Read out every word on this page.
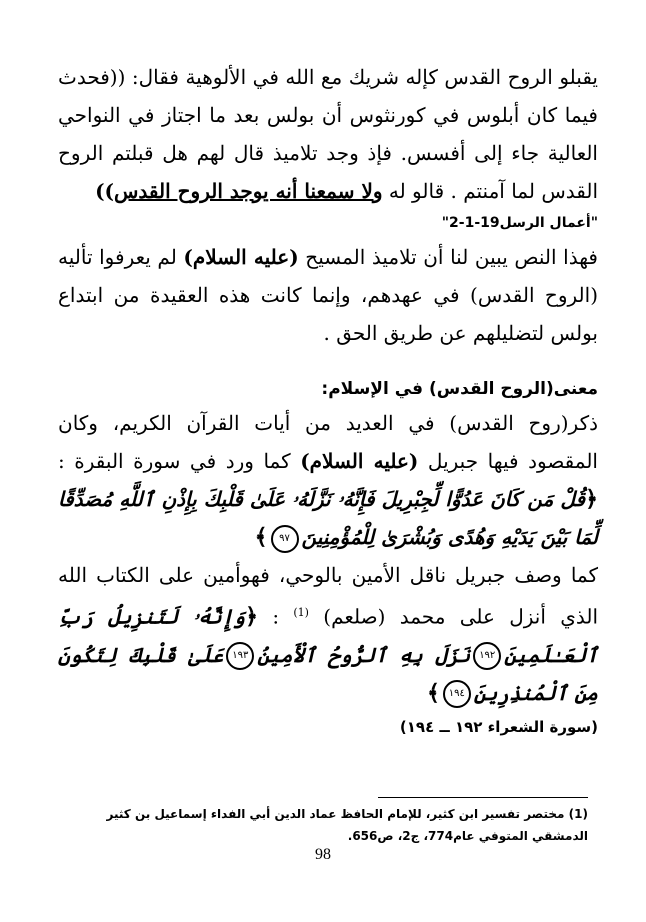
يقبلو الروح القدس كإله شريك مع الله في الألوهية فقال: ((فحدث فيما كان أبلوس في كورنثوس أن بولس بعد ما اجتاز في النواحي العالية جاء إلى أفسس. فإذ وجد تلاميذ قال لهم هل قبلتم الروح القدس لما آمنتم . قالو له ولا سمعنا أنه يوجد الروح القدس))

"أعمال الرسل19-1-2"

فهذا النص يبين لنا أن تلاميذ المسيح (عليه السلام) لم يعرفوا تأليه (الروح القدس) في عهدهم، وإنما كانت هذه العقيدة من ابتداع بولس لتضليلهم عن طريق الحق .

معنى(الروح القدس) في الإسلام:

ذكر(روح القدس) في العديد من أيات القرآن الكريم، وكان المقصود فيها جبريل (عليه السلام) كما ورد في سورة البقرة : ﴿قُلْ مَن كَانَ عَدُوًّا لِّجِبْرِيلَ فَإِنَّهُۥ نَزَّلَهُۥ عَلَىٰ قَلْبِكَ بِإِذْنِ ٱللَّهِ مُصَدِّقًا لِّمَا بَيْنَ يَدَيْهِ وَهُدًى وَبُشْرَىٰ لِلْمُؤْمِنِينَ٩٧﴾

كما وصف جبريل ناقل الأمين بالوحي، فهوأمين على الكتاب الله الذي أنزل على محمد (صلعم) $^{(1)}$ : ﴿وَإِنَّهُۥ لَتَنزِيلُ رَبِّ ٱلْعَـٰلَمِينَ١٩٢نَزَلَ بِهِ ٱلرُّوحُ ٱلْأَمِينُ١٩٣عَلَىٰ قَلْبِكَ لِتَكُونَ مِنَ ٱلْمُنذِرِينَ١٩٤﴾

(سورة الشعراء ١٩٢ ــ ١٩٤)

(1) مختصر تفسير ابن كثير، للإمام الحافظ عماد الدين أبي الفداء إسماعيل بن كثير الدمشقي المتوفي عام774، ج2، ص656.
98
